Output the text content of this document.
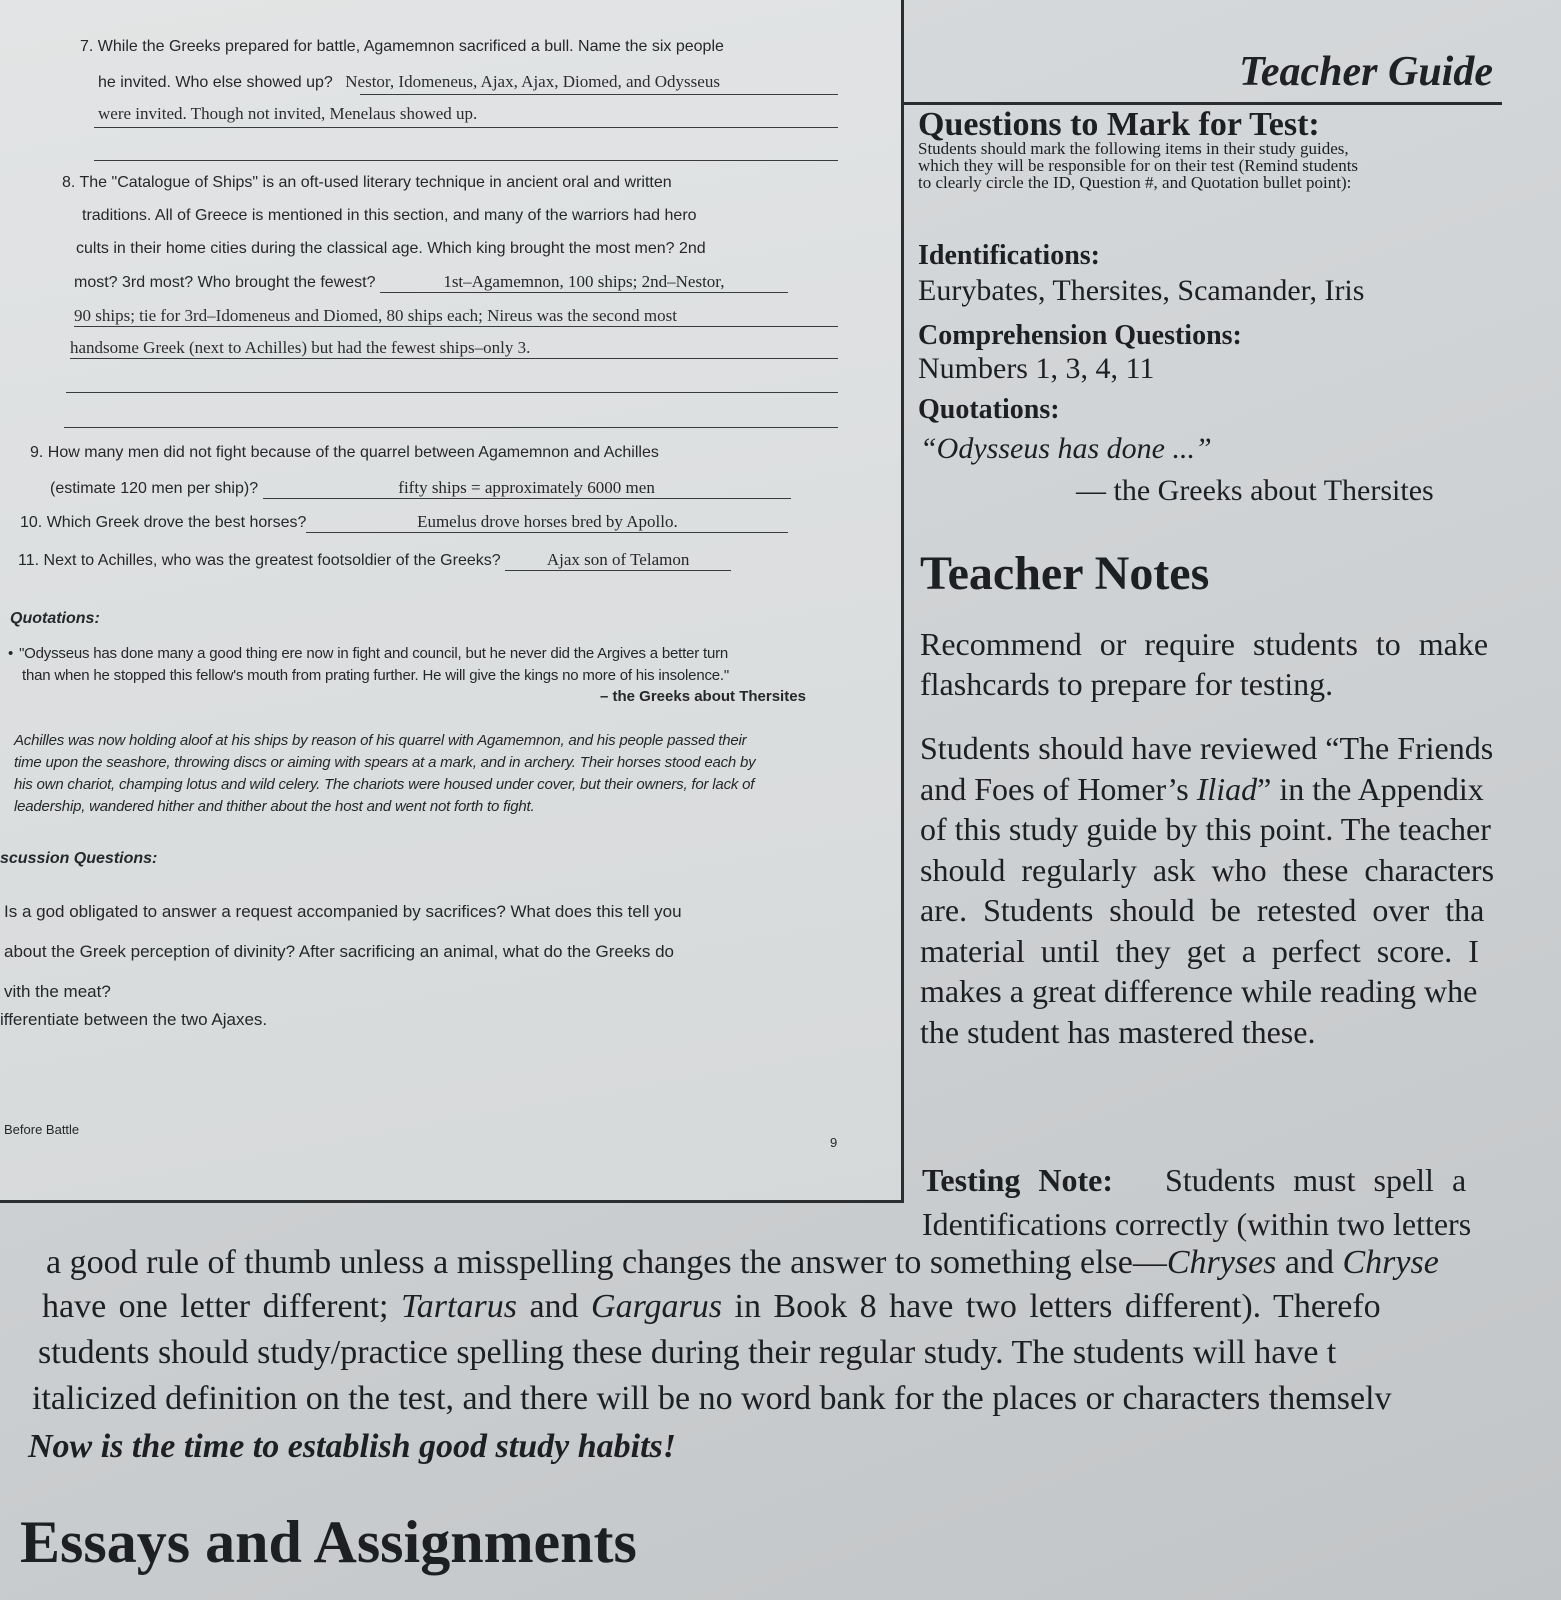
7. While the Greeks prepared for battle, Agamemnon sacrificed a bull. Name the six people
he invited. Who else showed up? Nestor, Idomeneus, Ajax, Ajax, Diomed, and Odysseus
were invited. Though not invited, Menelaus showed up.
8. The "Catalogue of Ships" is an oft-used literary technique in ancient oral and written
traditions. All of Greece is mentioned in this section, and many of the warriors had hero
cults in their home cities during the classical age. Which king brought the most men? 2nd
most? 3rd most? Who brought the fewest?	1st–Agamemnon, 100 ships; 2nd–Nestor,
90 ships; tie for 3rd–Idomeneus and Diomed, 80 ships each; Nireus was the second most
handsome Greek (next to Achilles) but had the fewest ships–only 3.
9. How many men did not fight because of the quarrel between Agamemnon and Achilles
(estimate 120 men per ship)?	fifty ships = approximately 6000 men
10. Which Greek drove the best horses?	Eumelus drove horses bred by Apollo.
11. Next to Achilles, who was the greatest footsoldier of the Greeks?	Ajax son of Telamon
Quotations:
• "Odysseus has done many a good thing ere now in fight and council, but he never did the Argives a better turn
than when he stopped this fellow's mouth from prating further. He will give the kings no more of his insolence."
– the Greeks about Thersites
Achilles was now holding aloof at his ships by reason of his quarrel with Agamemnon, and his people passed their
time upon the seashore, throwing discs or aiming with spears at a mark, and in archery. Their horses stood each by
his own chariot, champing lotus and wild celery. The chariots were housed under cover, but their owners, for lack of
leadership, wandered hither and thither about the host and went not forth to fight.
scussion Questions:
Is a god obligated to answer a request accompanied by sacrifices? What does this tell you
about the Greek perception of divinity? After sacrificing an animal, what do the Greeks do
vith the meat?
ifferentiate between the two Ajaxes.
Before Battle
9
Teacher Guide
Questions to Mark for Test:
Students should mark the following items in their study guides,
which they will be responsible for on their test (Remind students
to clearly circle the ID, Question #, and Quotation bullet point):
Identifications:
Eurybates, Thersites, Scamander, Iris
Comprehension Questions:
Numbers 1, 3, 4, 11
Quotations:
“Odysseus has done ...”
— the Greeks about Thersites
Teacher Notes
Recommend or require students to make
flashcards to prepare for testing.
Students should have reviewed “The Friends
and Foes of Homer’s Iliad” in the Appendix
of this study guide by this point. The teacher
should regularly ask who these characters
are. Students should be retested over tha
material until they get a perfect score. I
makes a great difference while reading whe
the student has mastered these.
Testing Note: Students must spell a
Identifications correctly (within two letters
a good rule of thumb unless a misspelling changes the answer to something else—Chryses and Chryse
have one letter different; Tartarus and Gargarus in Book 8 have two letters different). Therefo
students should study/practice spelling these during their regular study. The students will have t
italicized definition on the test, and there will be no word bank for the places or characters themselv
Now is the time to establish good study habits!
Essays and Assignments
